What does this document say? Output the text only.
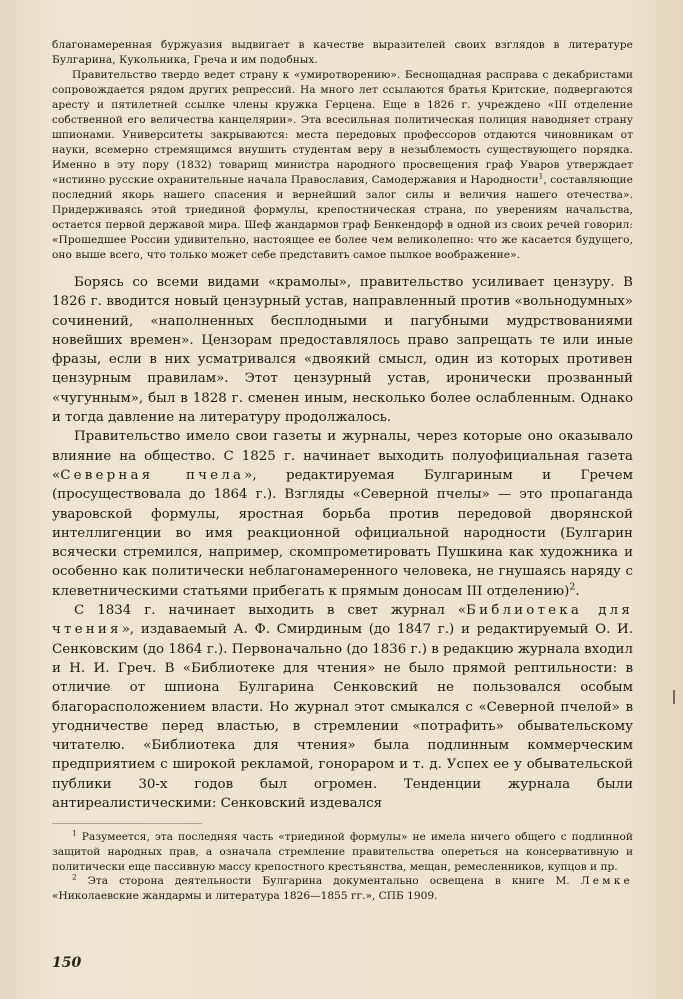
благонамеренная буржуазия выдвигает в качестве выразителей своих взглядов в литературе Булгарина, Кукольника, Греча и им подобных.

Правительство твердо ведет страну к «умиротворению». Беснощадная расправа с декабристами сопровождается рядом других репрессий. На много лет ссылаются братья Критские, подвергаются аресту и пятилетней ссылке члены кружка Герцена. Еще в 1826 г. учреждено «III отделение собственной его величества канцелярии». Эта всесильная политическая полиция наводняет страну шпионами. Университеты закрываются: места передовых профессоров отдаются чиновникам от науки, всемерно стремящимся внушить студентам веру в незыблемость существующего порядка. Именно в эту пору (1832) товарищ министра народного просвещения граф Уваров утверждает «истинно русские охранительные начала Православия, Самодержавия и Народности$^1$, составляющие последний якорь нашего спасения и вернейший залог силы и величия нашего отечества». Придерживаясь этой триединой формулы, крепостническая страна, по уверениям начальства, остается первой державой мира. Шеф жандармов граф Бенкендорф в одной из своих речей говорил: «Прошедшее России удивительно, настоящее ее более чем великолепно: что же касается будущего, оно выше всего, что только может себе представить самое пылкое воображение».

Борясь со всеми видами «крамолы», правительство усиливает цензуру. В 1826 г. вводится новый цензурный устав, направленный против «вольнодумных» сочинений, «наполненных бесплодными и пагубными мудрствованиями новейших времен». Цензорам предоставлялось право запрещать те или иные фразы, если в них усматривался «двоякий смысл, один из которых противен цензурным правилам». Этот цензурный устав, иронически прозванный «чугунным», был в 1828 г. сменен иным, несколько более ослабленным. Однако и тогда давление на литературу продолжалось.

Правительство имело свои газеты и журналы, через которые оно оказывало влияние на общество. С 1825 г. начинает выходить полуофициальная газета «Северная пчела», редактируемая Булгариным и Гречем (просуществовала до 1864 г.). Взгляды «Северной пчелы» — это пропаганда уваровской формулы, яростная борьба против передовой дворянской интеллигенции во имя реакционной официальной народности (Булгарин всячески стремился, например, скомпрометировать Пушкина как художника и особенно как политически неблагонамеренного человека, не гнушаясь наряду с клеветническими статьями прибегать к прямым доносам III отделению)$^2$.

С 1834 г. начинает выходить в свет журнал «Библиотека для чтения», издаваемый А. Ф. Смирдиным (до 1847 г.) и редактируемый О. И. Сенковским (до 1864 г.). Первоначально (до 1836 г.) в редакцию журнала входил и Н. И. Греч. В «Библиотеке для чтения» не было прямой рептильности: в отличие от шпиона Булгарина Сенковский не пользовался особым благорасположением власти. Но журнал этот смыкался с «Северной пчелой» в угодничестве перед властью, в стремлении «потрафить» обывательскому читателю. «Библиотека для чтения» была подлинным коммерческим предприятием с широкой рекламой, гонораром и т. д. Успех ее у обывательской публики 30-х годов был огромен. Тенденции журнала были антиреалистическими: Сенковский издевался

$^1$ Разумеется, эта последняя часть «триединой формулы» не имела ничего общего с подлинной защитой народных прав, а означала стремление правительства опереться на консервативную и политически еще пассивную массу крепостного крестьянства, мещан, ремесленников, купцов и пр.

$^2$ Эта сторона деятельности Булгарина документально освещена в книге М. Лемке «Николаевские жандармы и литература 1826—1855 гг.», СПБ 1909.

150
